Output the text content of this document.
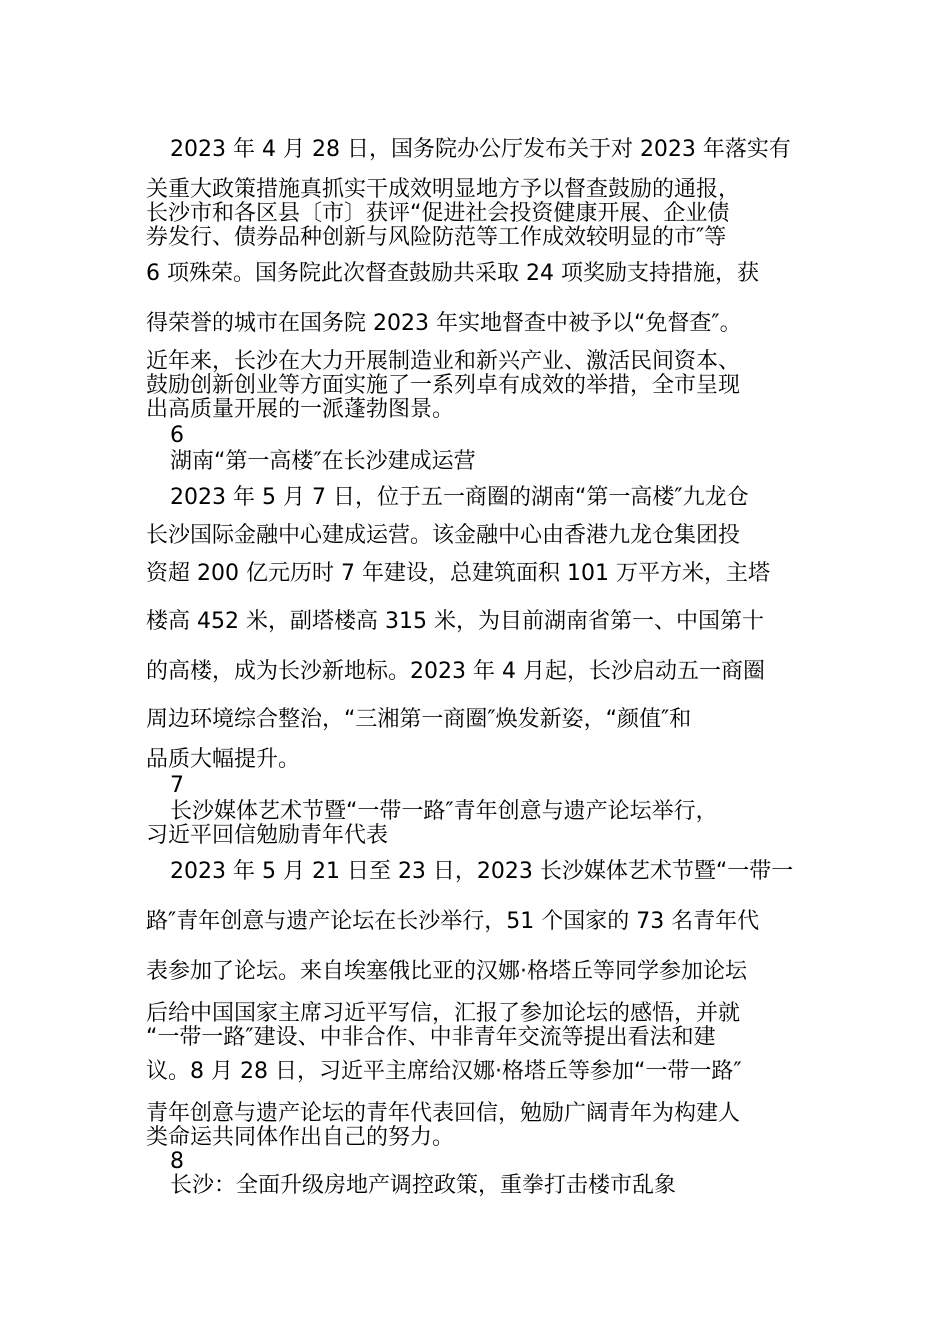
2023 年 4 月 28 日，国务院办公厅发布关于对 2023 年落实有
关重大政策措施真抓实干成效明显地方予以督查鼓励的通报，
长沙市和各区县〔市〕获评“促进社会投资健康开展、企业债
券发行、债券品种创新与风险防范等工作成效较明显的市″等
6 项殊荣。国务院此次督查鼓励共采取 24 项奖励支持措施，获
得荣誉的城市在国务院 2023 年实地督查中被予以“免督查″。
近年来，长沙在大力开展制造业和新兴产业、激活民间资本、
鼓励创新创业等方面实施了一系列卓有成效的举措，全市呈现
出高质量开展的一派蓬勃图景。
6
湖南“第一高楼″在长沙建成运营
2023 年 5 月 7 日，位于五一商圈的湖南“第一高楼″九龙仓
长沙国际金融中心建成运营。该金融中心由香港九龙仓集团投
资超 200 亿元历时 7 年建设，总建筑面积 101 万平方米，主塔
楼高 452 米，副塔楼高 315 米，为目前湖南省第一、中国第十
的高楼，成为长沙新地标。2023 年 4 月起，长沙启动五一商圈
周边环境综合整治，“三湘第一商圈″焕发新姿，“颜值″和
品质大幅提升。
7
长沙媒体艺术节暨“一带一路″青年创意与遗产论坛举行，
习近平回信勉励青年代表
2023 年 5 月 21 日至 23 日，2023 长沙媒体艺术节暨“一带一
路″青年创意与遗产论坛在长沙举行，51 个国家的 73 名青年代
表参加了论坛。来自埃塞俄比亚的汉娜·格塔丘等同学参加论坛
后给中国国家主席习近平写信，汇报了参加论坛的感悟，并就
“一带一路″建设、中非合作、中非青年交流等提出看法和建
议。8 月 28 日，习近平主席给汉娜·格塔丘等参加“一带一路″
青年创意与遗产论坛的青年代表回信，勉励广阔青年为构建人
类命运共同体作出自己的努力。
8
长沙：全面升级房地产调控政策，重拳打击楼市乱象
